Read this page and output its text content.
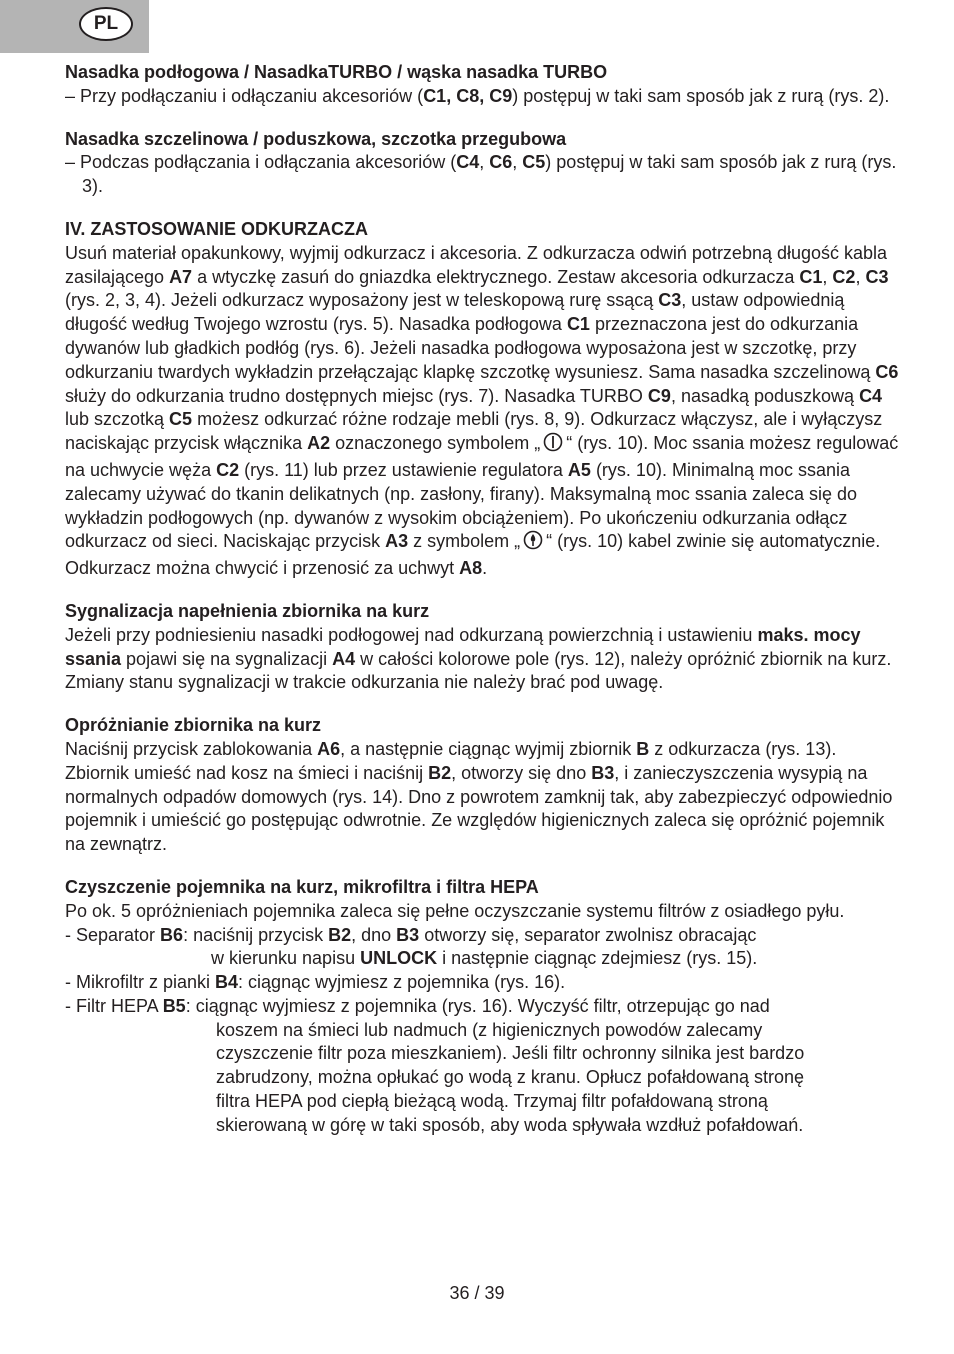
PL

Nasadka podłogowa / NasadkaTURBO / wąska nasadka TURBO

– Przy podłączaniu i odłączaniu akcesoriów (C1, C8, C9) postępuj w taki sam sposób jak z rurą (rys. 2).

Nasadka szczelinowa / poduszkowa, szczotka przegubowa

– Podczas podłączania i odłączania akcesoriów (C4, C6, C5) postępuj w taki sam sposób jak z rurą (rys. 3).

IV. ZASTOSOWANIE ODKURZACZA

Usuń materiał opakunkowy, wyjmij odkurzacz i akcesoria. Z odkurzacza odwiń potrzebną długość kabla zasilającego A7 a wtyczkę zasuń do gniazdka elektrycznego. Zestaw akcesoria odkurzacza C1, C2, C3 (rys. 2, 3, 4). Jeżeli odkurzacz wyposażony jest w teleskopową rurę ssącą C3, ustaw odpowiednią długość według Twojego wzrostu (rys. 5). Nasadka podłogowa C1 przeznaczona jest do odkurzania dywanów lub gładkich podłóg (rys. 6). Jeżeli nasadka podłogowa wyposażona jest w szczotkę, przy odkurzaniu twardych wykładzin przełączając klapkę szczotkę wysuniesz. Sama nasadka szczelinową C6 służy do odkurzania trudno dostępnych miejsc (rys. 7). Nasadka TURBO C9, nasadką poduszkową C4 lub szczotką C5 możesz odkurzać różne rodzaje mebli (rys. 8, 9). Odkurzacz włączysz, ale i wyłączysz naciskając przycisk włącznika A2 oznaczonego symbolem „ “ (rys. 10). Moc ssania możesz regulować na uchwycie węża C2 (rys. 11) lub przez ustawienie regulatora A5 (rys. 10). Minimalną moc ssania zalecamy używać do tkanin delikatnych (np. zasłony, firany). Maksymalną moc ssania zaleca się do wykładzin podłogowych (np. dywanów z wysokim obciążeniem). Po ukończeniu odkurzania odłącz odkurzacz od sieci. Naciskając przycisk A3 z symbolem „ “ (rys. 10) kabel zwinie się automatycznie. Odkurzacz można chwycić i przenosić za uchwyt A8.

Sygnalizacja napełnienia zbiornika na kurz

Jeżeli przy podniesieniu nasadki podłogowej nad odkurzaną powierzchnią i ustawieniu maks. mocy ssania pojawi się na sygnalizacji A4 w całości kolorowe pole (rys. 12), należy opróżnić zbiornik na kurz. Zmiany stanu sygnalizacji w trakcie odkurzania nie należy brać pod uwagę.

Opróżnianie zbiornika na kurz

Naciśnij przycisk zablokowania A6, a następnie ciągnąc wyjmij zbiornik B z odkurzacza (rys. 13). Zbiornik umieść nad kosz na śmieci i naciśnij B2, otworzy się dno B3, i zanieczyszczenia wysypią na normalnych odpadów domowych (rys. 14). Dno z powrotem zamknij tak, aby zabezpieczyć odpowiednio pojemnik i umieścić go postępując odwrotnie. Ze względów higienicznych zaleca się opróżnić pojemnik na zewnątrz.

Czyszczenie pojemnika na kurz, mikrofiltra i filtra HEPA

Po ok. 5 opróżnieniach pojemnika zaleca się pełne oczyszczanie systemu filtrów z osiadłego pyłu.

- Separator B6: naciśnij przycisk B2, dno B3 otworzy się, separator zwolnisz obracając

w kierunku napisu UNLOCK i następnie ciągnąc zdejmiesz (rys. 15).

- Mikrofiltr z pianki B4: ciągnąc wyjmiesz z pojemnika (rys. 16).

- Filtr HEPA B5: ciągnąc wyjmiesz z pojemnika (rys. 16). Wyczyść filtr, otrzepując go nad

koszem na śmieci lub nadmuch (z higienicznych powodów zalecamy

czyszczenie filtr poza mieszkaniem). Jeśli filtr ochronny silnika jest bardzo

zabrudzony, można opłukać go wodą z kranu. Opłucz pofałdowaną stronę

filtra HEPA pod ciepłą bieżącą wodą. Trzymaj filtr pofałdowaną stroną

skierowaną w górę w taki sposób, aby woda spływała wzdłuż pofałdowań.

36 / 39
